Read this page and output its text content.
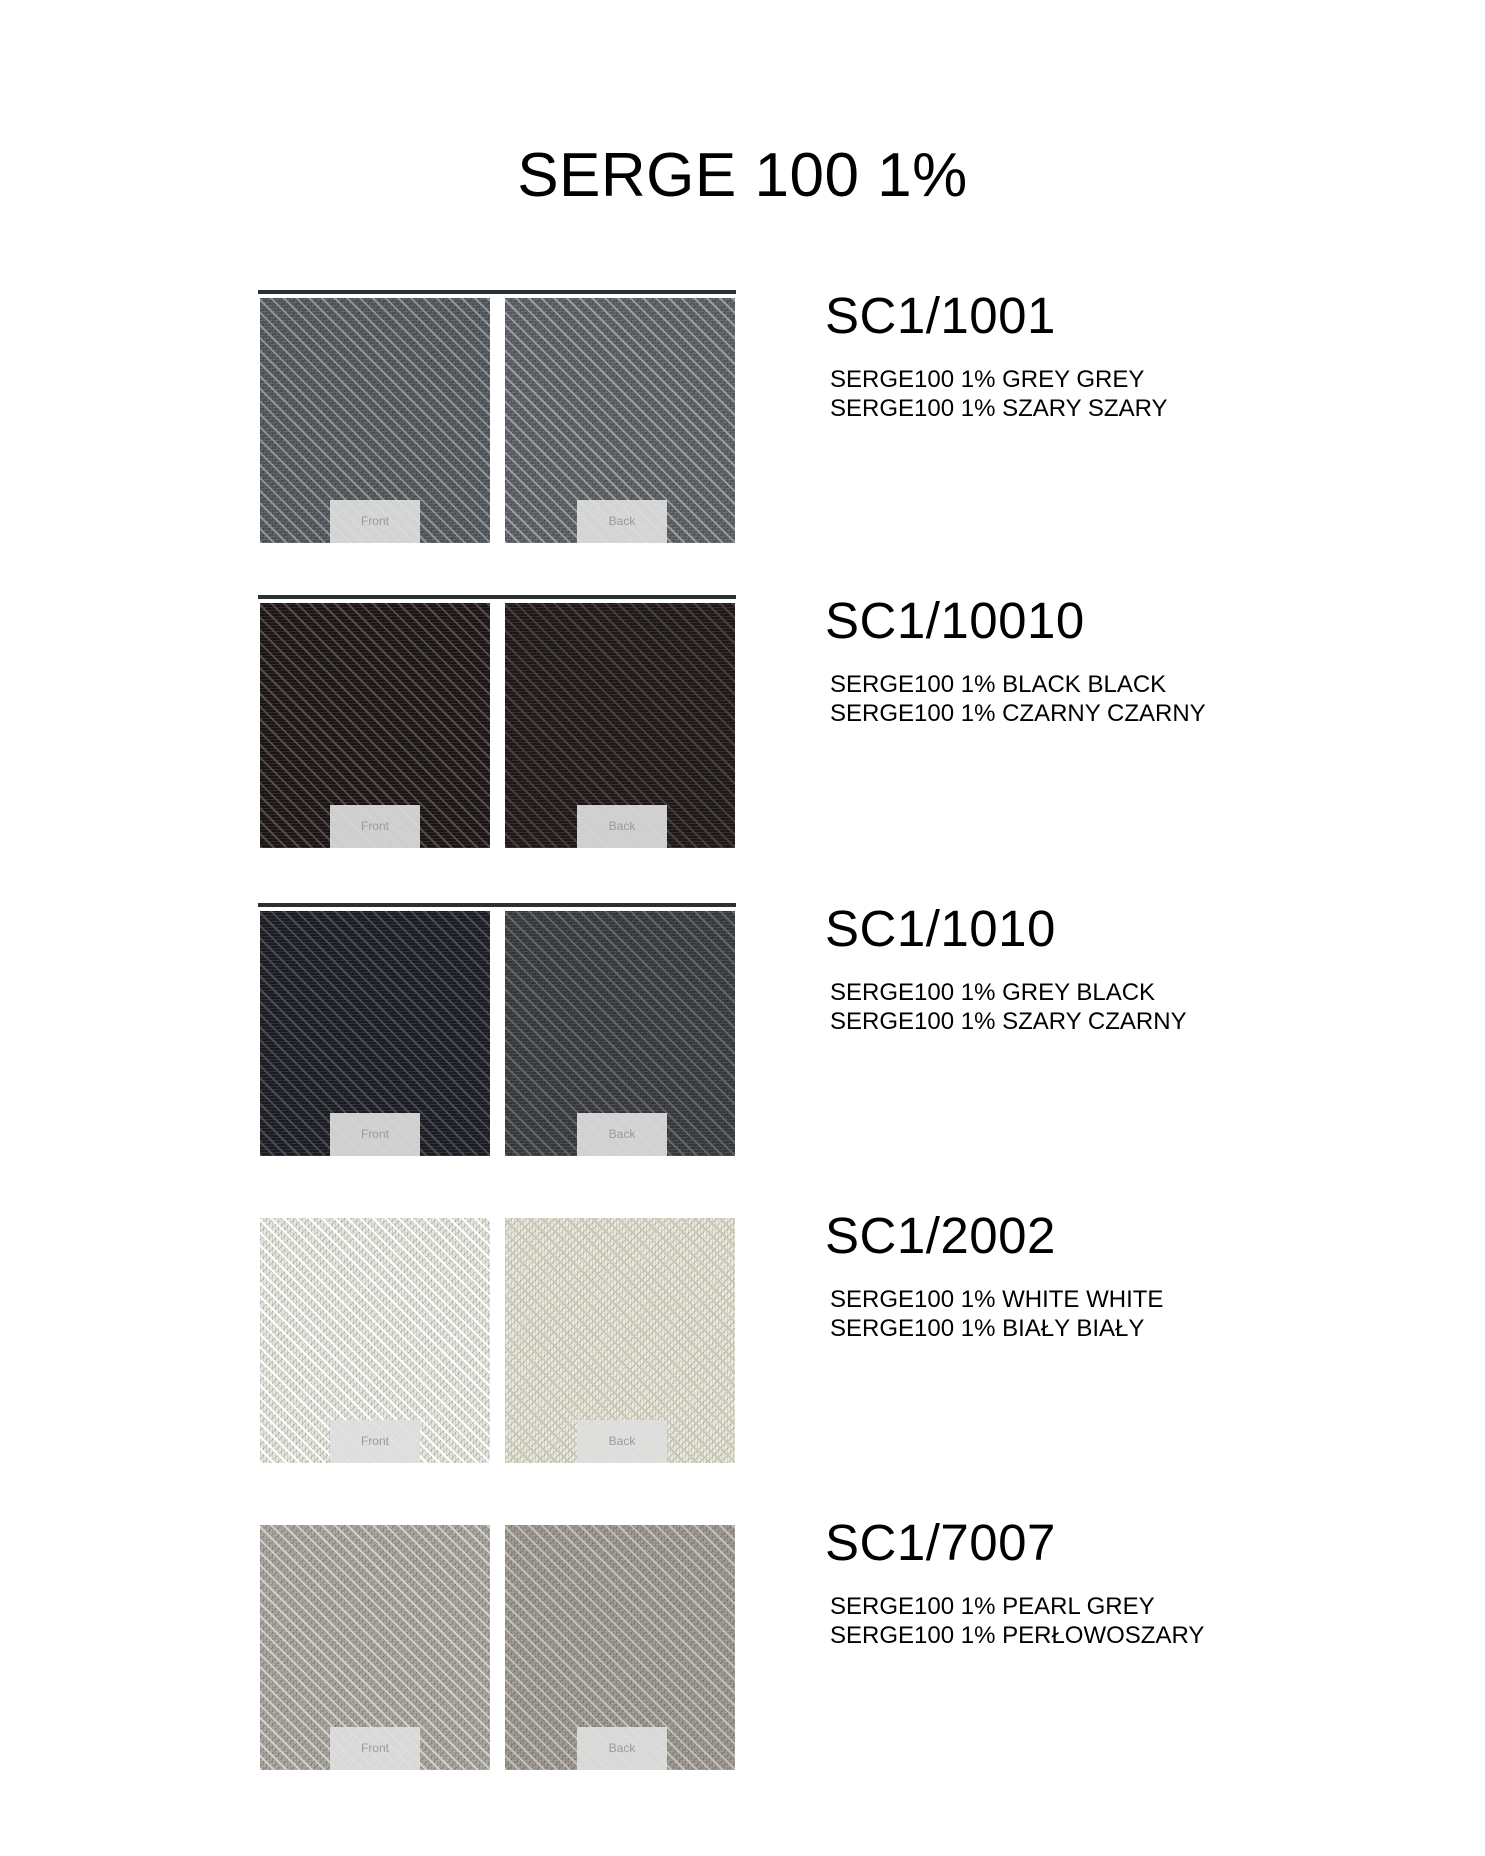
SERGE 100 1%
Front	Back
SC1/1001
SERGE100 1% GREY GREY
SERGE100 1% SZARY SZARY
Front	Back
SC1/10010
SERGE100 1% BLACK BLACK
SERGE100 1% CZARNY CZARNY
Front	Back
SC1/1010
SERGE100 1% GREY BLACK
SERGE100 1% SZARY CZARNY
Front	Back
SC1/2002
SERGE100 1% WHITE WHITE
SERGE100 1% BIAŁY BIAŁY
Front	Back
SC1/7007
SERGE100 1% PEARL GREY
SERGE100 1% PERŁOWOSZARY
